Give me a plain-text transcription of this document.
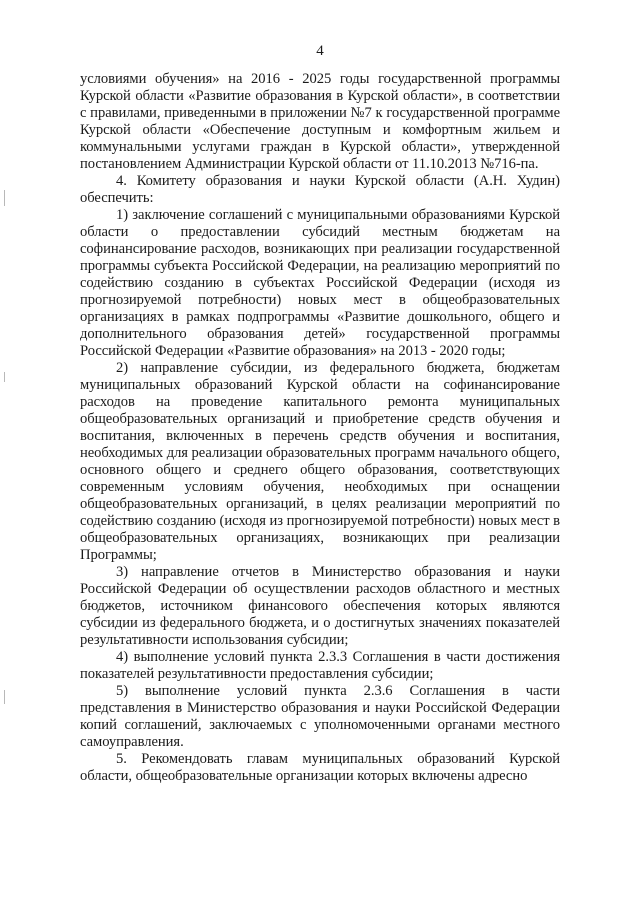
4

условиями обучения» на 2016 - 2025 годы государственной программы Курской области «Развитие образования в Курской области», в соответствии с правилами, приведенными в приложении №7 к государственной программе Курской области «Обеспечение доступным и комфортным жильем и коммунальными услугами граждан в Курской области», утвержденной постановлением Администрации Курской области от 11.10.2013 №716-па.

4. Комитету образования и науки Курской области (А.Н. Худин) обеспечить:

1) заключение соглашений с муниципальными образованиями Курской области о предоставлении субсидий местным бюджетам на софинансирование расходов, возникающих при реализации государственной программы субъекта Российской Федерации, на реализацию мероприятий по содействию созданию в субъектах Российской Федерации (исходя из прогнозируемой потребности) новых мест в общеобразовательных организациях в рамках подпрограммы «Развитие дошкольного, общего и дополнительного образования детей» государственной программы Российской Федерации «Развитие образования» на 2013 - 2020 годы;

2) направление субсидии, из федерального бюджета, бюджетам муниципальных образований Курской области на софинансирование расходов на проведение капитального ремонта муниципальных общеобразовательных организаций и приобретение средств обучения и воспитания, включенных в перечень средств обучения и воспитания, необходимых для реализации образовательных программ начального общего, основного общего и среднего общего образования, соответствующих современным условиям обучения, необходимых при оснащении общеобразовательных организаций, в целях реализации мероприятий по содействию созданию (исходя из прогнозируемой потребности) новых мест в общеобразовательных организациях, возникающих при реализации Программы;

3) направление отчетов в Министерство образования и науки Российской Федерации об осуществлении расходов областного и местных бюджетов, источником финансового обеспечения которых являются субсидии из федерального бюджета, и о достигнутых значениях показателей результативности использования субсидии;

4) выполнение условий пункта 2.3.3 Соглашения в части достижения показателей результативности предоставления субсидии;

5) выполнение условий пункта 2.3.6 Соглашения в части представления в Министерство образования и науки Российской Федерации копий соглашений, заключаемых с уполномоченными органами местного самоуправления.

5. Рекомендовать главам муниципальных образований Курской области, общеобразовательные организации которых включены адресно
